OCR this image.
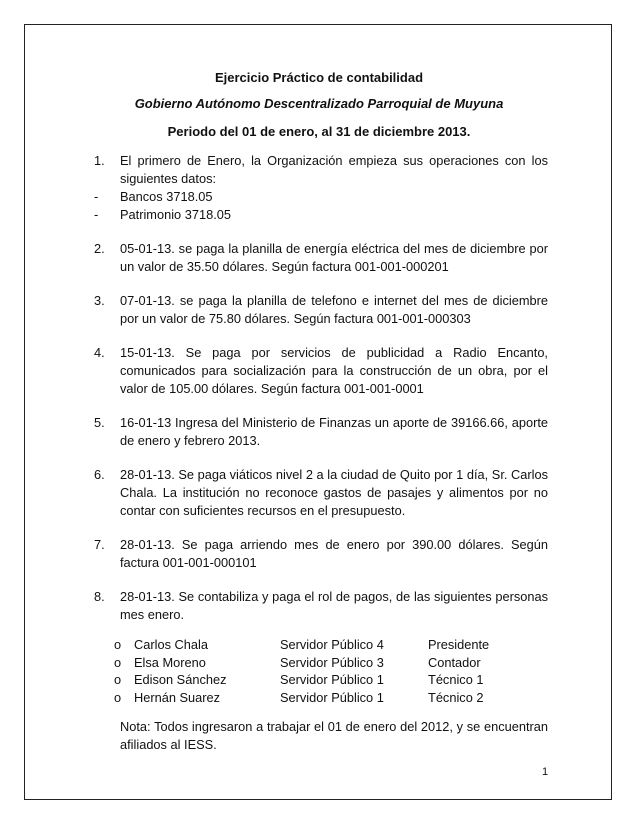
Ejercicio Práctico de contabilidad
Gobierno Autónomo Descentralizado Parroquial de Muyuna
Periodo del 01 de enero, al 31 de diciembre 2013.
1. El primero de Enero, la Organización empieza sus operaciones con los siguientes datos:
- Bancos 3718.05
- Patrimonio 3718.05
2. 05-01-13. se paga la planilla de energía eléctrica del mes de diciembre por un valor de 35.50 dólares. Según factura 001-001-000201
3. 07-01-13. se paga la planilla de telefono e internet del mes de diciembre por un valor de 75.80 dólares. Según factura 001-001-000303
4. 15-01-13. Se paga por servicios de publicidad a Radio Encanto, comunicados para socialización para la construcción de un obra, por el valor de 105.00 dólares. Según factura 001-001-0001
5. 16-01-13 Ingresa del Ministerio de Finanzas un aporte de 39166.66, aporte de enero y febrero 2013.
6. 28-01-13. Se paga viáticos nivel 2 a la ciudad de Quito por 1 día, Sr. Carlos Chala. La institución no reconoce gastos de pasajes y alimentos por no contar con suficientes recursos en el presupuesto.
7. 28-01-13. Se paga arriendo mes de enero por 390.00 dólares. Según factura 001-001-000101
8. 28-01-13. Se contabiliza y paga el rol de pagos, de las siguientes personas mes enero.
o	Carlos Chala	Servidor Público 4	Presidente
o	Elsa Moreno	Servidor Público 3	Contador
o	Edison Sánchez	Servidor Público 1	Técnico 1
o	Hernán Suarez	Servidor Público 1	Técnico 2
Nota: Todos ingresaron a trabajar el 01 de enero del 2012, y se encuentran afiliados al IESS.
1
